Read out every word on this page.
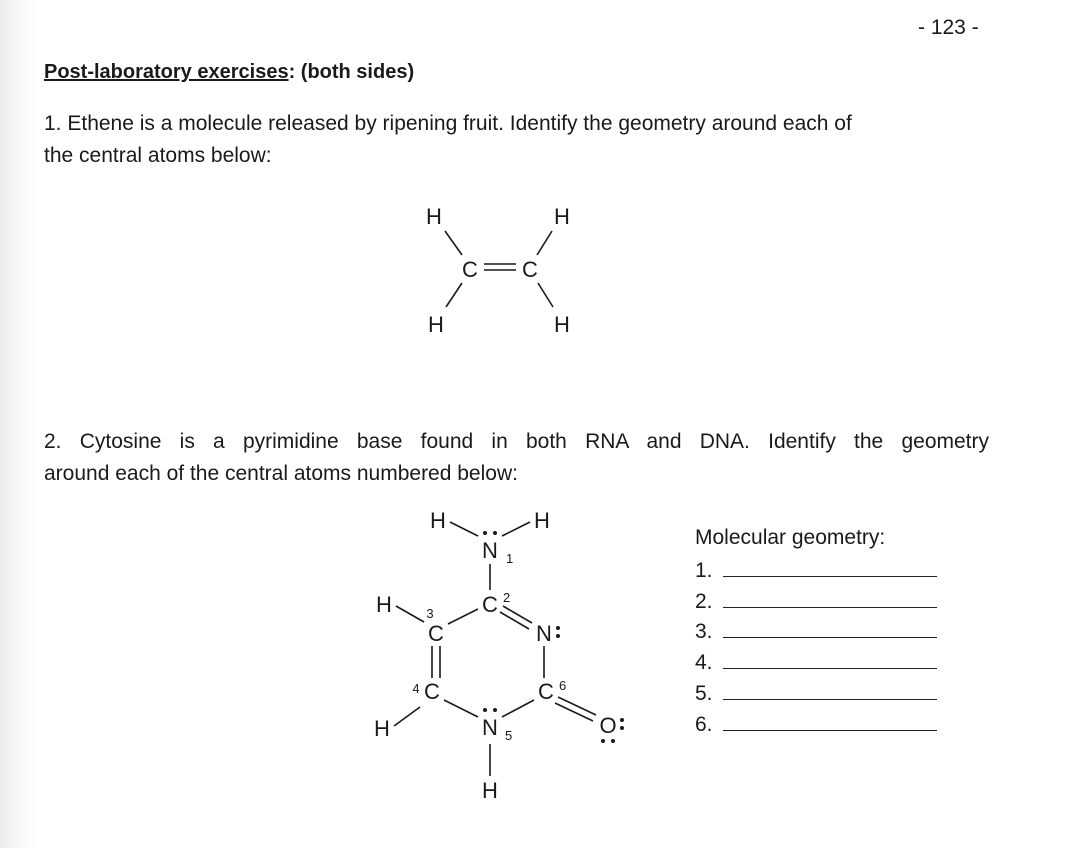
- 123 -
Post-laboratory exercises: (both sides)
1. Ethene is a molecule released by ripening fruit. Identify the geometry around each of
the central atoms below:
H	H
C C
H	H
2. Cytosine is a pyrimidine base found in both RNA and DNA. Identify the geometry
around each of the central atoms numbered below:
H	H
N 1
C 2
H
C
3
N
C
4	C 6
H	N 5	O
H
Molecular geometry:
1.
2.
3.
4.
5.
6.
